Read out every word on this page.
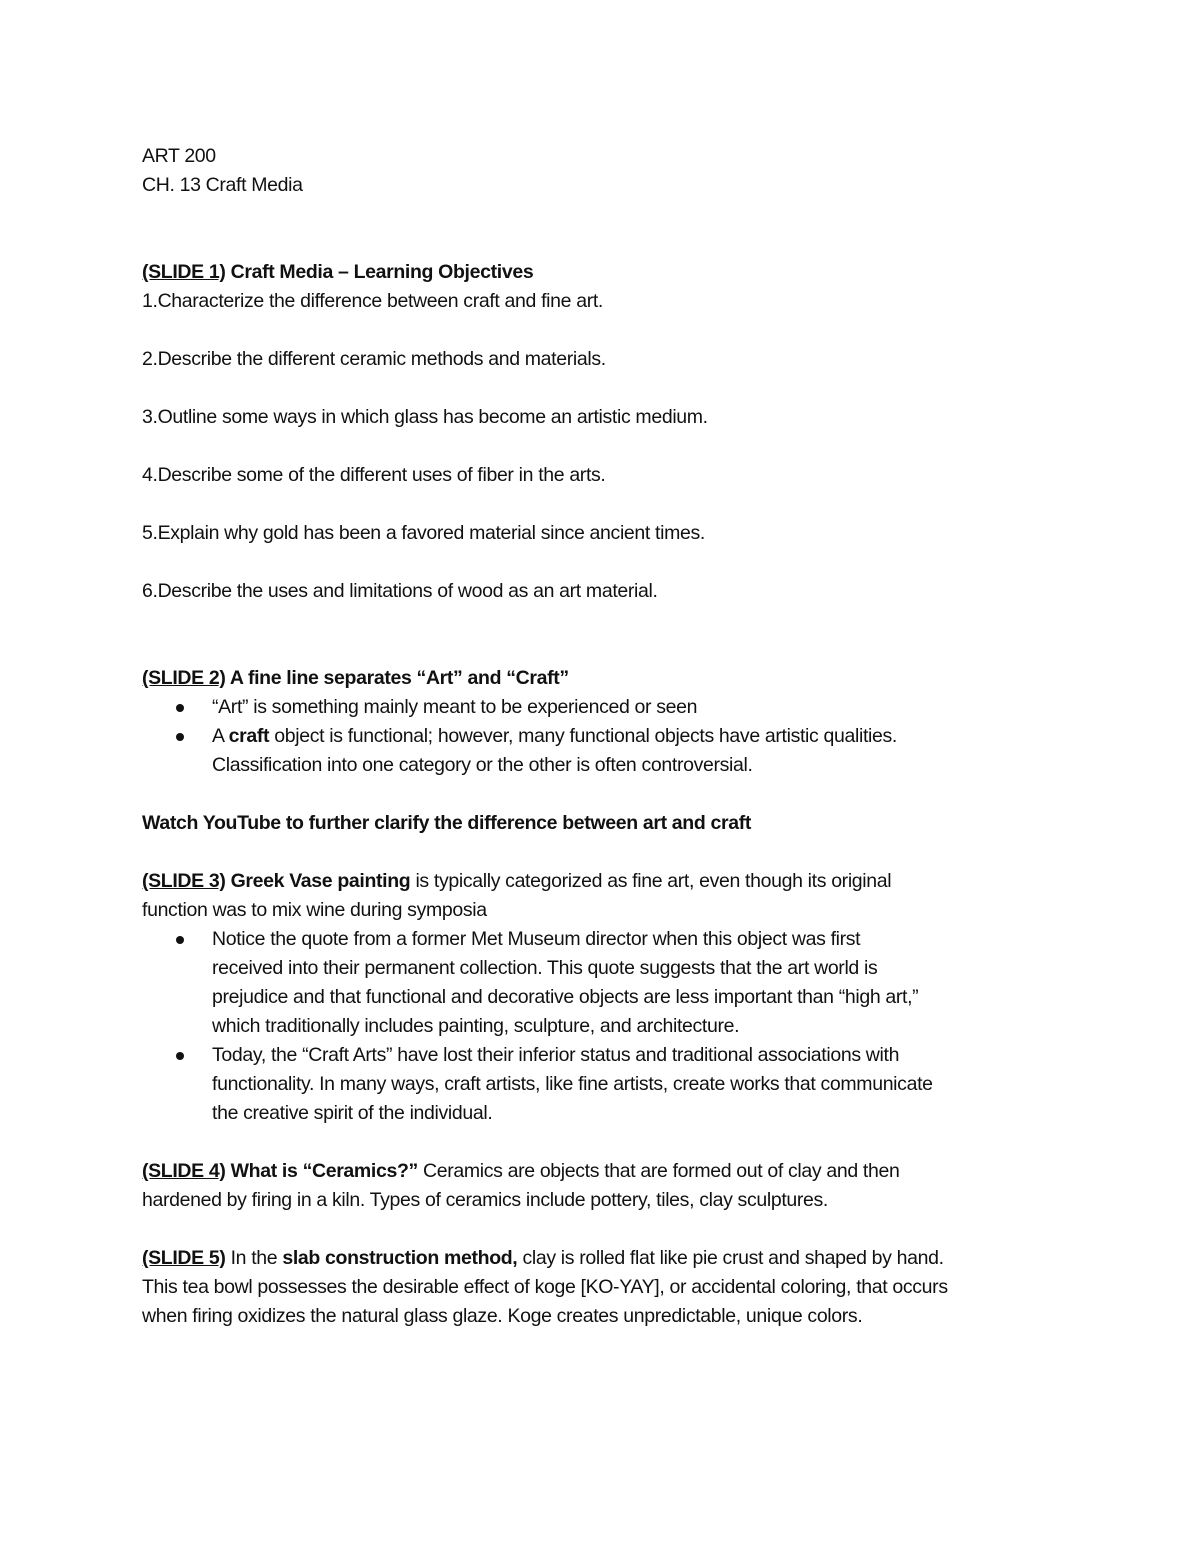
ART 200
CH. 13 Craft Media
(SLIDE 1) Craft Media – Learning Objectives
1.Characterize the difference between craft and fine art.
2.Describe the different ceramic methods and materials.
3.Outline some ways in which glass has become an artistic medium.
4.Describe some of the different uses of fiber in the arts.
5.Explain why gold has been a favored material since ancient times.
6.Describe the uses and limitations of wood as an art material.
(SLIDE 2) A fine line separates “Art” and “Craft”
“Art” is something mainly meant to be experienced or seen
A craft object is functional; however, many functional objects have artistic qualities.
Classification into one category or the other is often controversial.
Watch YouTube to further clarify the difference between art and craft
(SLIDE 3) Greek Vase painting is typically categorized as fine art, even though its original
function was to mix wine during symposia
Notice the quote from a former Met Museum director when this object was first
received into their permanent collection. This quote suggests that the art world is
prejudice and that functional and decorative objects are less important than “high art,”
which traditionally includes painting, sculpture, and architecture.
Today, the “Craft Arts” have lost their inferior status and traditional associations with
functionality. In many ways, craft artists, like fine artists, create works that communicate
the creative spirit of the individual.
(SLIDE 4) What is “Ceramics?” Ceramics are objects that are formed out of clay and then
hardened by firing in a kiln. Types of ceramics include pottery, tiles, clay sculptures.
(SLIDE 5) In the slab construction method, clay is rolled flat like pie crust and shaped by hand.
This tea bowl possesses the desirable effect of koge [KO-YAY], or accidental coloring, that occurs
when firing oxidizes the natural glass glaze. Koge creates unpredictable, unique colors.
